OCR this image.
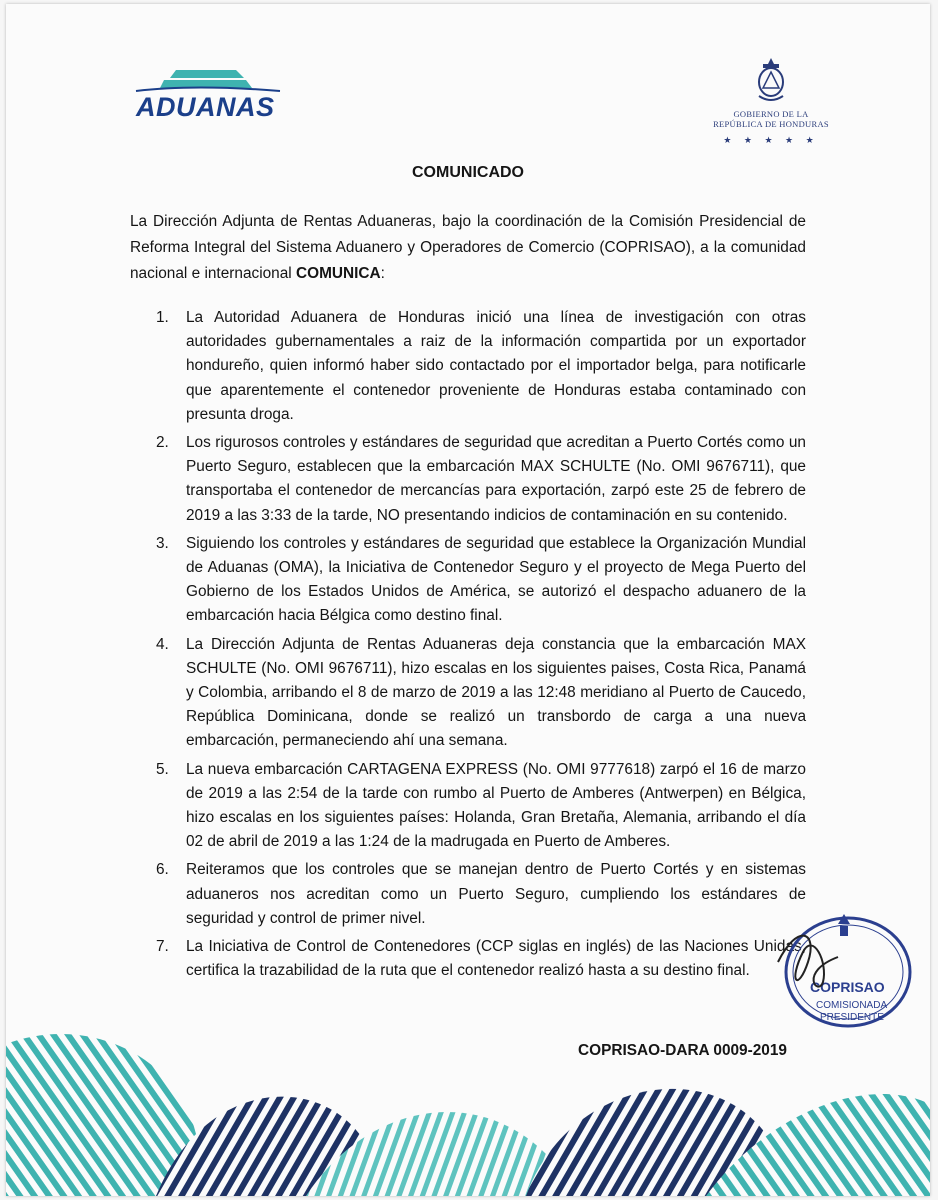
ADUANAS	GOBIERNO DE LA
REPÚBLICA DE HONDURAS
★ ★ ★ ★ ★
COMUNICADO
La Dirección Adjunta de Rentas Aduaneras, bajo la coordinación de la Comisión Presidencial de Reforma Integral del Sistema Aduanero y Operadores de Comercio (COPRISAO), a la comunidad nacional e internacional COMUNICA:
1. La Autoridad Aduanera de Honduras inició una línea de investigación con otras autoridades gubernamentales a raiz de la información compartida por un exportador hondureño, quien informó haber sido contactado por el importador belga, para notificarle que aparentemente el contenedor proveniente de Honduras estaba contaminado con presunta droga.
2. Los rigurosos controles y estándares de seguridad que acreditan a Puerto Cortés como un Puerto Seguro, establecen que la embarcación MAX SCHULTE (No. OMI 9676711), que transportaba el contenedor de mercancías para exportación, zarpó este 25 de febrero de 2019 a las 3:33 de la tarde, NO presentando indicios de contaminación en su contenido.
3. Siguiendo los controles y estándares de seguridad que establece la Organización Mundial de Aduanas (OMA), la Iniciativa de Contenedor Seguro y el proyecto de Mega Puerto del Gobierno de los Estados Unidos de América, se autorizó el despacho aduanero de la embarcación hacia Bélgica como destino final.
4. La Dirección Adjunta de Rentas Aduaneras deja constancia que la embarcación MAX SCHULTE (No. OMI 9676711), hizo escalas en los siguientes paises, Costa Rica, Panamá y Colombia, arribando el 8 de marzo de 2019 a las 12:48 meridiano al Puerto de Caucedo, República Dominicana, donde se realizó un transbordo de carga a una nueva embarcación, permaneciendo ahí una semana.
5. La nueva embarcación CARTAGENA EXPRESS (No. OMI 9777618) zarpó el 16 de marzo de 2019 a las 2:54 de la tarde con rumbo al Puerto de Amberes (Antwerpen) en Bélgica, hizo escalas en los siguientes países: Holanda, Gran Bretaña, Alemania, arribando el día 02 de abril de 2019 a las 1:24 de la madrugada en Puerto de Amberes.
6. Reiteramos que los controles que se manejan dentro de Puerto Cortés y en sistemas aduaneros nos acreditan como un Puerto Seguro, cumpliendo los estándares de seguridad y control de primer nivel.
7. La Iniciativa de Control de Contenedores (CCP siglas en inglés) de las Naciones Unidas, certifica la trazabilidad de la ruta que el contenedor realizó hasta a su destino final.
COPRISAO-DARA 0009-2019
COPRISAO
COMISIONADA
PRESIDENTE
